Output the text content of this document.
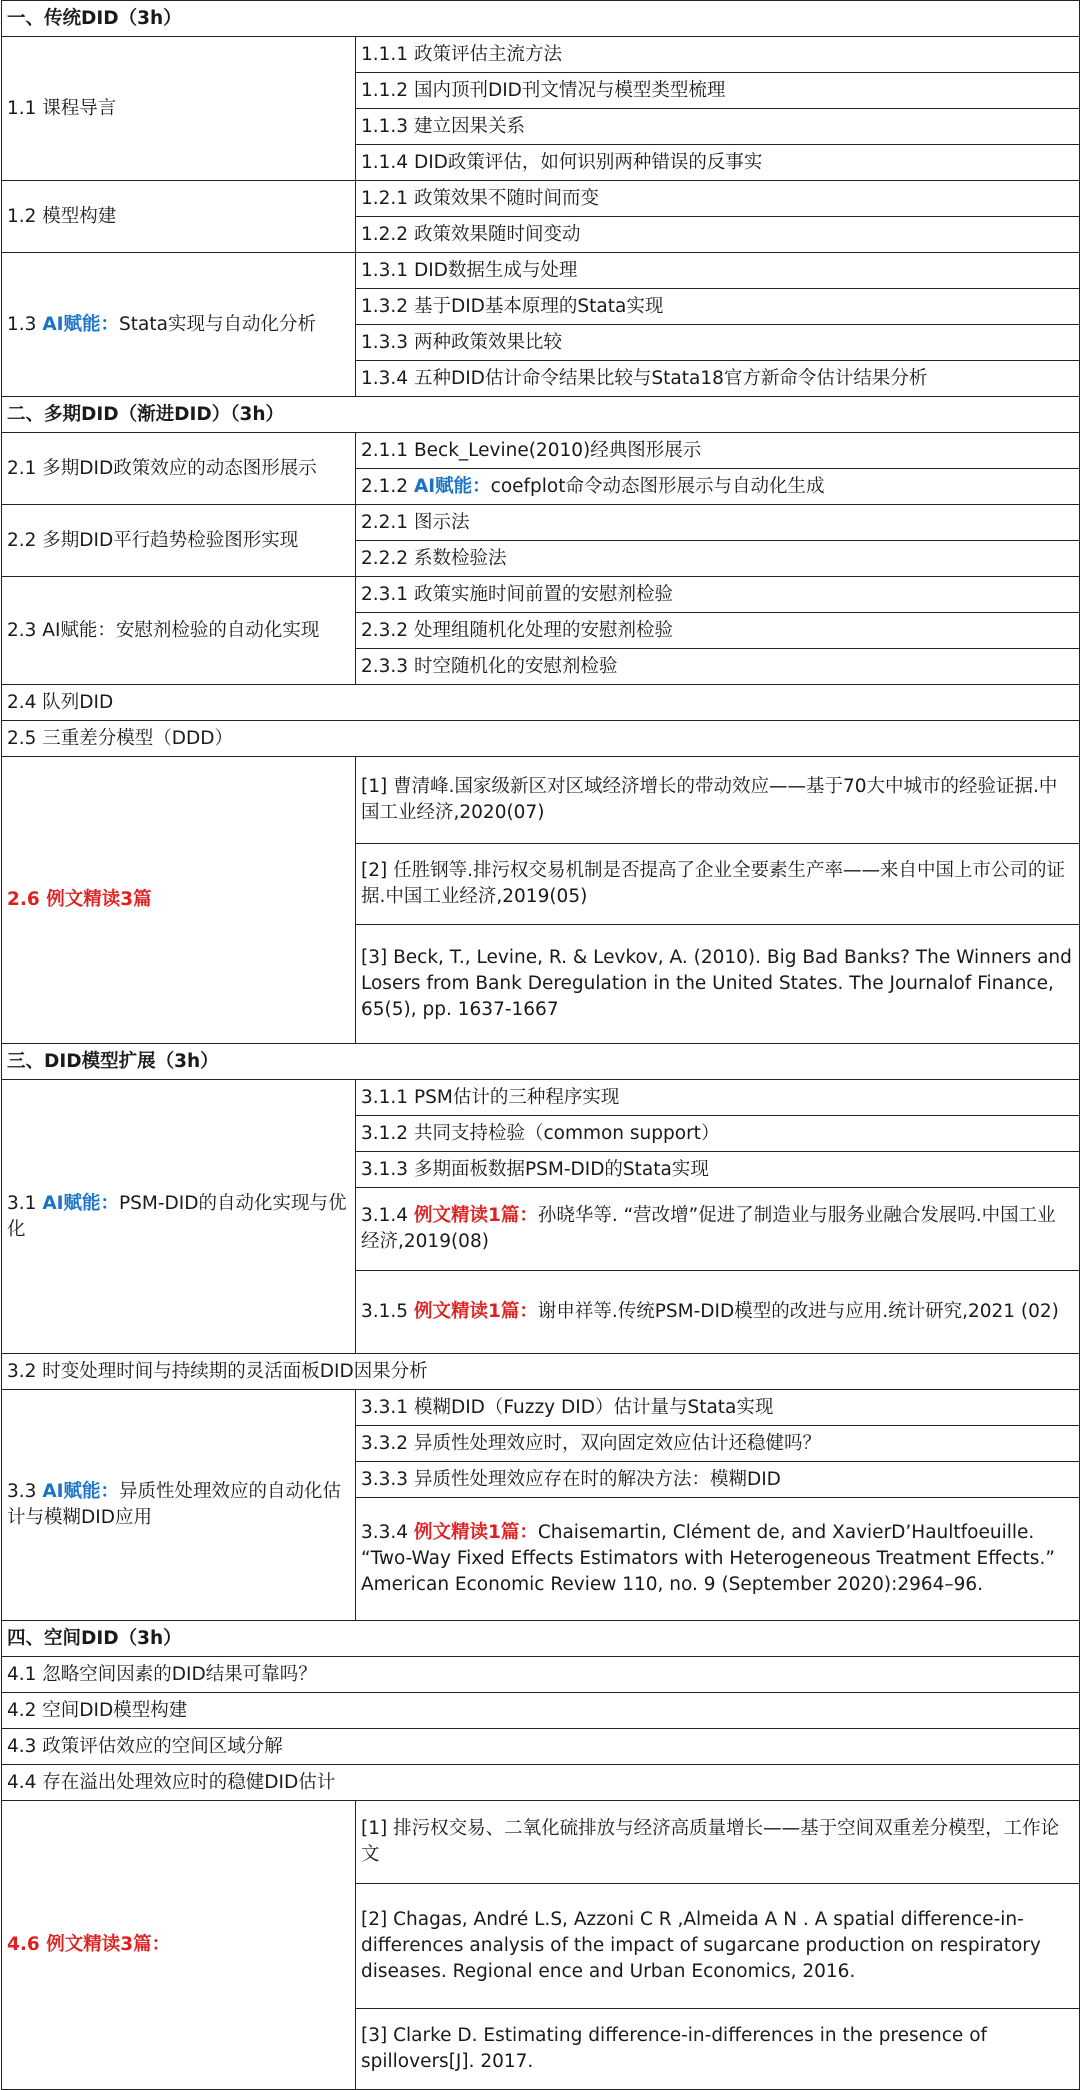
一、传统DID（3h）	
1.1 课程导言	1.1.1 政策评估主流方法
	1.1.2 国内顶刊DID刊文情况与模型类型梳理
	1.1.3 建立因果关系
	1.1.4 DID政策评估，如何识别两种错误的反事实
1.2 模型构建	1.2.1 政策效果不随时间而变
	1.2.2 政策效果随时间变动
1.3 AI赋能：Stata实现与自动化分析	1.3.1 DID数据生成与处理
	1.3.2 基于DID基本原理的Stata实现
	1.3.3 两种政策效果比较
	1.3.4 五种DID估计命令结果比较与Stata18官方新命令估计结果分析
二、多期DID（渐进DID）（3h）	
2.1 多期DID政策效应的动态图形展示	2.1.1 Beck_Levine(2010)经典图形展示
	2.1.2 AI赋能：coefplot命令动态图形展示与自动化生成
2.2 多期DID平行趋势检验图形实现	2.2.1 图示法
	2.2.2 系数检验法
2.3 AI赋能：安慰剂检验的自动化实现	2.3.1 政策实施时间前置的安慰剂检验
	2.3.2 处理组随机化处理的安慰剂检验
	2.3.3 时空随机化的安慰剂检验
2.4 队列DID	
2.5 三重差分模型（DDD）	
2.6 例文精读3篇	[1] 曹清峰.国家级新区对区域经济增长的带动效应——基于70大中城市的经验证据.中国工业经济,2020(07)
	[2] 任胜钢等.排污权交易机制是否提高了企业全要素生产率——来自中国上市公司的证据.中国工业经济,2019(05)
	[3] Beck, T., Levine, R. & Levkov, A. (2010). Big Bad Banks? The Winners and Losers from Bank Deregulation in the United States. The Journalof Finance, 65(5), pp. 1637-1667
三、DID模型扩展（3h）	
3.1 AI赋能：PSM-DID的自动化实现与优化	3.1.1 PSM估计的三种程序实现
	3.1.2 共同支持检验（common support）
	3.1.3 多期面板数据PSM-DID的Stata实现
	3.1.4 例文精读1篇：孙晓华等. “营改增”促进了制造业与服务业融合发展吗.中国工业经济,2019(08)
	3.1.5 例文精读1篇：谢申祥等.传统PSM-DID模型的改进与应用.统计研究,2021 (02)
3.2 时变处理时间与持续期的灵活面板DID因果分析	
3.3 AI赋能：异质性处理效应的自动化估计与模糊DID应用	3.3.1 模糊DID（Fuzzy DID）估计量与Stata实现
	3.3.2 异质性处理效应时，双向固定效应估计还稳健吗？
	3.3.3 异质性处理效应存在时的解决方法：模糊DID
	3.3.4 例文精读1篇：Chaisemartin, Clément de, and XavierD’Haultfoeuille. “Two-Way Fixed Effects Estimators with Heterogeneous Treatment Effects.” American Economic Review 110, no. 9 (September 2020):2964–96.
四、空间DID（3h）	
4.1 忽略空间因素的DID结果可靠吗？	
4.2 空间DID模型构建	
4.3 政策评估效应的空间区域分解	
4.4 存在溢出处理效应时的稳健DID估计	
4.6 例文精读3篇：	[1] 排污权交易、二氧化硫排放与经济高质量增长——基于空间双重差分模型，工作论文
	[2] Chagas, André L.S, Azzoni C R ,Almeida A N . A spatial difference-in-differences analysis of the impact of sugarcane production on respiratory diseases. Regional ence and Urban Economics, 2016.
	[3] Clarke D. Estimating difference-in-differences in the presence of spillovers[J]. 2017.
